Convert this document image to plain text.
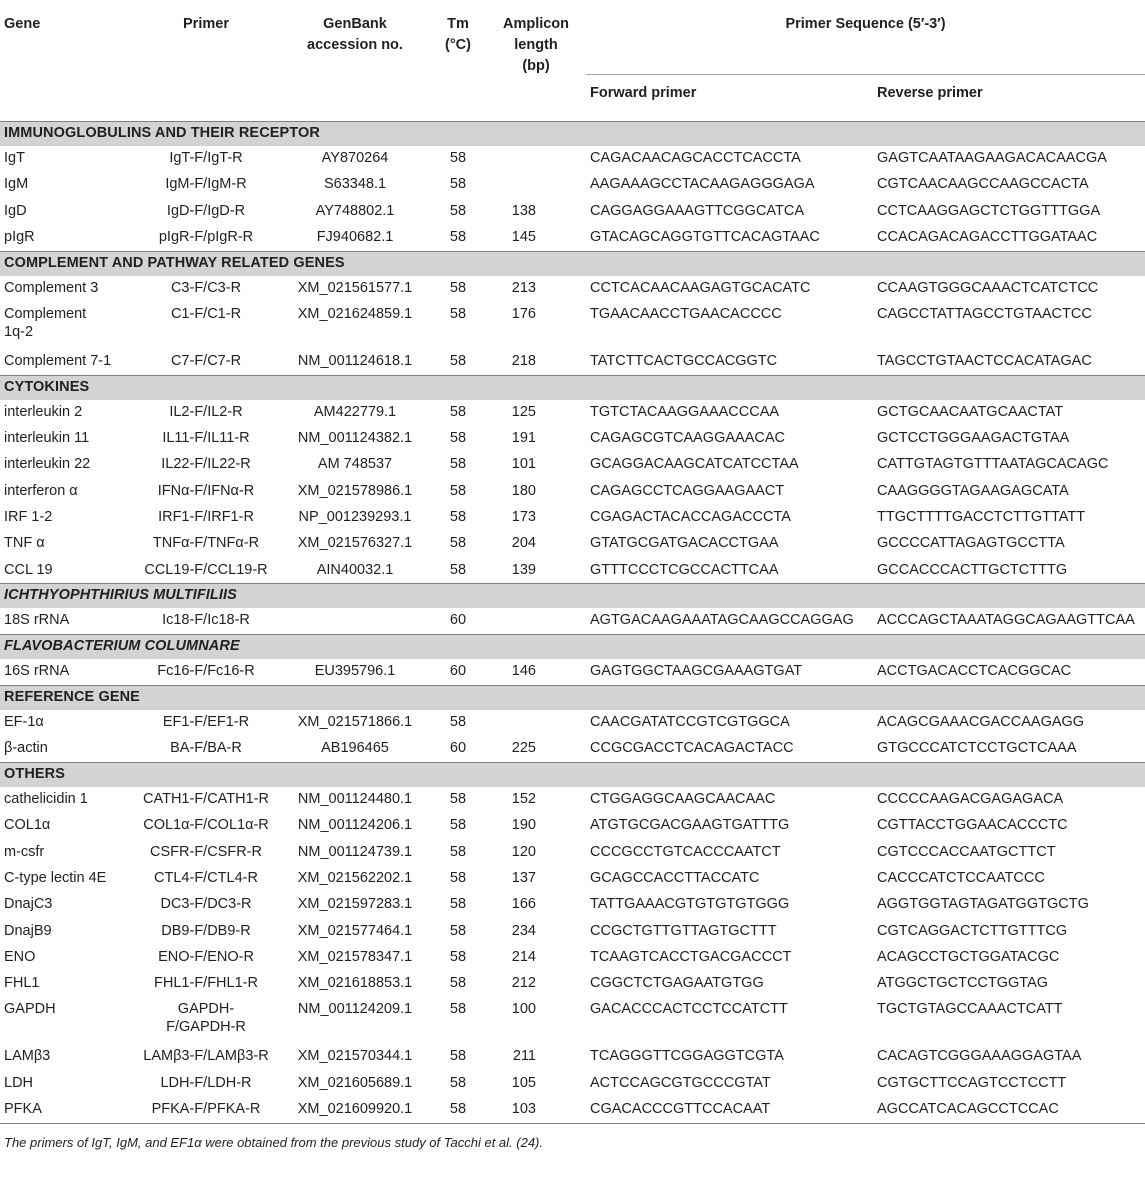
Gene	Primer	GenBank accession no.	Tm (°C)	Amplicon length (bp)	Primer Sequence (5′-3′)	
					Forward primer	Reverse primer

IMMUNOGLOBULINS AND THEIR RECEPTOR						
IgT	IgT-F/IgT-R	AY870264	58		CAGACAACAGCACCTCACCTA	GAGTCAATAAGAAGACACAACGA
IgM	IgM-F/IgM-R	S63348.1	58		AAGAAAGCCTACAAGAGGGAGA	CGTCAACAAGCCAAGCCACTA
IgD	IgD-F/IgD-R	AY748802.1	58	138	CAGGAGGAAAGTTCGGCATCA	CCTCAAGGAGCTCTGGTTTGGA
pIgR	pIgR-F/pIgR-R	FJ940682.1	58	145	GTACAGCAGGTGTTCACAGTAAC	CCACAGACAGACCTTGGATAAC
COMPLEMENT AND PATHWAY RELATED GENES						
Complement 3	C3-F/C3-R	XM_021561577.1	58	213	CCTCACAACAAGAGTGCACATC	CCAAGTGGGCAAACTCATCTCC
Complement 1q-2	C1-F/C1-R	XM_021624859.1	58	176	TGAACAACCTGAACACCCC	CAGCCTATTAGCCTGTAACTCC
Complement 7-1	C7-F/C7-R	NM_001124618.1	58	218	TATCTTCACTGCCACGGTC	TAGCCTGTAACTCCACATAGAC
CYTOKINES						
interleukin 2	IL2-F/IL2-R	AM422779.1	58	125	TGTCTACAAGGAAACCCAA	GCTGCAACAATGCAACTAT
interleukin 11	IL11-F/IL11-R	NM_001124382.1	58	191	CAGAGCGTCAAGGAAACAC	GCTCCTGGGAAGACTGTAA
interleukin 22	IL22-F/IL22-R	AM 748537	58	101	GCAGGACAAGCATCATCCTAA	CATTGTAGTGTTTAATAGCACAGC
interferon α	IFNα-F/IFNα-R	XM_021578986.1	58	180	CAGAGCCTCAGGAAGAACT	CAAGGGGTAGAAGAGCATA
IRF 1-2	IRF1-F/IRF1-R	NP_001239293.1	58	173	CGAGACTACACCAGACCCTA	TTGCTTTTGACCTCTTGTTATT
TNF α	TNFα-F/TNFα-R	XM_021576327.1	58	204	GTATGCGATGACACCTGAA	GCCCCATTAGAGTGCCTTA
CCL 19	CCL19-F/CCL19-R	AIN40032.1	58	139	GTTTCCCTCGCCACTTCAA	GCCACCCACTTGCTCTTTG
ICHTHYOPHTHIRIUS MULTIFILIIS						
18S rRNA	Ic18-F/Ic18-R		60		AGTGACAAGAAATAGCAAGCCAGGAG	ACCCAGCTAAATAGGCAGAAGTTCAA
FLAVOBACTERIUM COLUMNARE						
16S rRNA	Fc16-F/Fc16-R	EU395796.1	60	146	GAGTGGCTAAGCGAAAGTGAT	ACCTGACACCTCACGGCAC
REFERENCE GENE						
EF-1α	EF1-F/EF1-R	XM_021571866.1	58		CAACGATATCCGTCGTGGCA	ACAGCGAAACGACCAAGAGG
β-actin	BA-F/BA-R	AB196465	60	225	CCGCGACCTCACAGACTACC	GTGCCCATCTCCTGCTCAAA
OTHERS						
cathelicidin 1	CATH1-F/CATH1-R	NM_001124480.1	58	152	CTGGAGGCAAGCAACAAC	CCCCCAAGACGAGAGACA
COL1α	COL1α-F/COL1α-R	NM_001124206.1	58	190	ATGTGCGACGAAGTGATTTG	CGTTACCTGGAACACCCTC
m-csfr	CSFR-F/CSFR-R	NM_001124739.1	58	120	CCCGCCTGTCACCCAATCT	CGTCCCACCAATGCTTCT
C-type lectin 4E	CTL4-F/CTL4-R	XM_021562202.1	58	137	GCAGCCACCTTACCATC	CACCCATCTCCAATCCC
DnajC3	DC3-F/DC3-R	XM_021597283.1	58	166	TATTGAAACGTGTGTGTGGG	AGGTGGTAGTAGATGGTGCTG
DnajB9	DB9-F/DB9-R	XM_021577464.1	58	234	CCGCTGTTGTTAGTGCTTT	CGTCAGGACTCTTGTTTCG
ENO	ENO-F/ENO-R	XM_021578347.1	58	214	TCAAGTCACCTGACGACCCT	ACAGCCTGCTGGATACGC
FHL1	FHL1-F/FHL1-R	XM_021618853.1	58	212	CGGCTCTGAGAATGTGG	ATGGCTGCTCCTGGTAG
GAPDH	GAPDH-F/GAPDH-R	NM_001124209.1	58	100	GACACCCACTCCTCCATCTT	TGCTGTAGCCAAACTCATT
LAMβ3	LAMβ3-F/LAMβ3-R	XM_021570344.1	58	211	TCAGGGTTCGGAGGTCGTA	CACAGTCGGGAAAGGAGTAA
LDH	LDH-F/LDH-R	XM_021605689.1	58	105	ACTCCAGCGTGCCCGTAT	CGTGCTTCCAGTCCTCCTT
PFKA	PFKA-F/PFKA-R	XM_021609920.1	58	103	CGACACCCGTTCCACAAT	AGCCATCACAGCCTCCAC

The primers of IgT, IgM, and EF1α were obtained from the previous study of Tacchi et al. (24).						
